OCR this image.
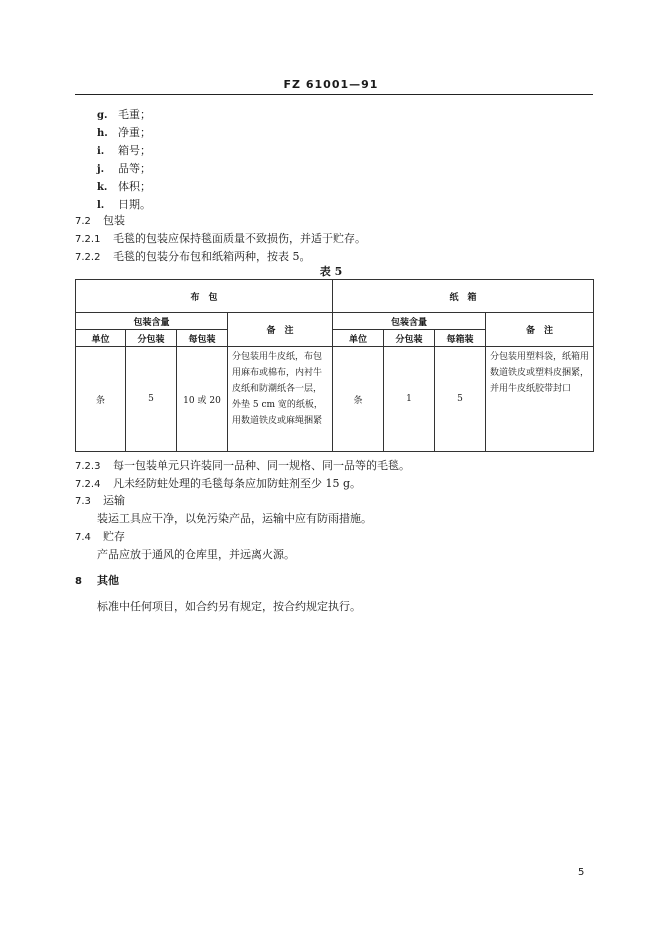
FZ 61001—91
g. 毛重；
h. 净重；
i. 箱号；
j. 品等；
k. 体积；
l. 日期。
7.2 包装
7.2.1 毛毯的包装应保持毯面质量不致损伤，并适于贮存。
7.2.2 毛毯的包装分布包和纸箱两种，按表 5。
表 5
布　包				纸　箱			
包装含量			备　注	包装含量			备　注
单位	分包装	每包装		单位	分包装	每箱装	
条	5	10 或 20	分包装用牛皮纸，布包用麻布或棉布，内衬牛皮纸和防潮纸各一层，外垫 5 cm 宽的纸板，用数道铁皮或麻绳捆紧	条	1	5	分包装用塑料袋，纸箱用数道铁皮或塑料皮捆紧，并用牛皮纸胶带封口
7.2.3 每一包装单元只许装同一品种、同一规格、同一品等的毛毯。
7.2.4 凡未经防蛀处理的毛毯每条应加防蛀剂至少 15 g。
7.3 运输
装运工具应干净，以免污染产品，运输中应有防雨措施。
7.4 贮存
产品应放于通风的仓库里，并远离火源。
8 其他
标准中任何项目，如合约另有规定，按合约规定执行。
5
